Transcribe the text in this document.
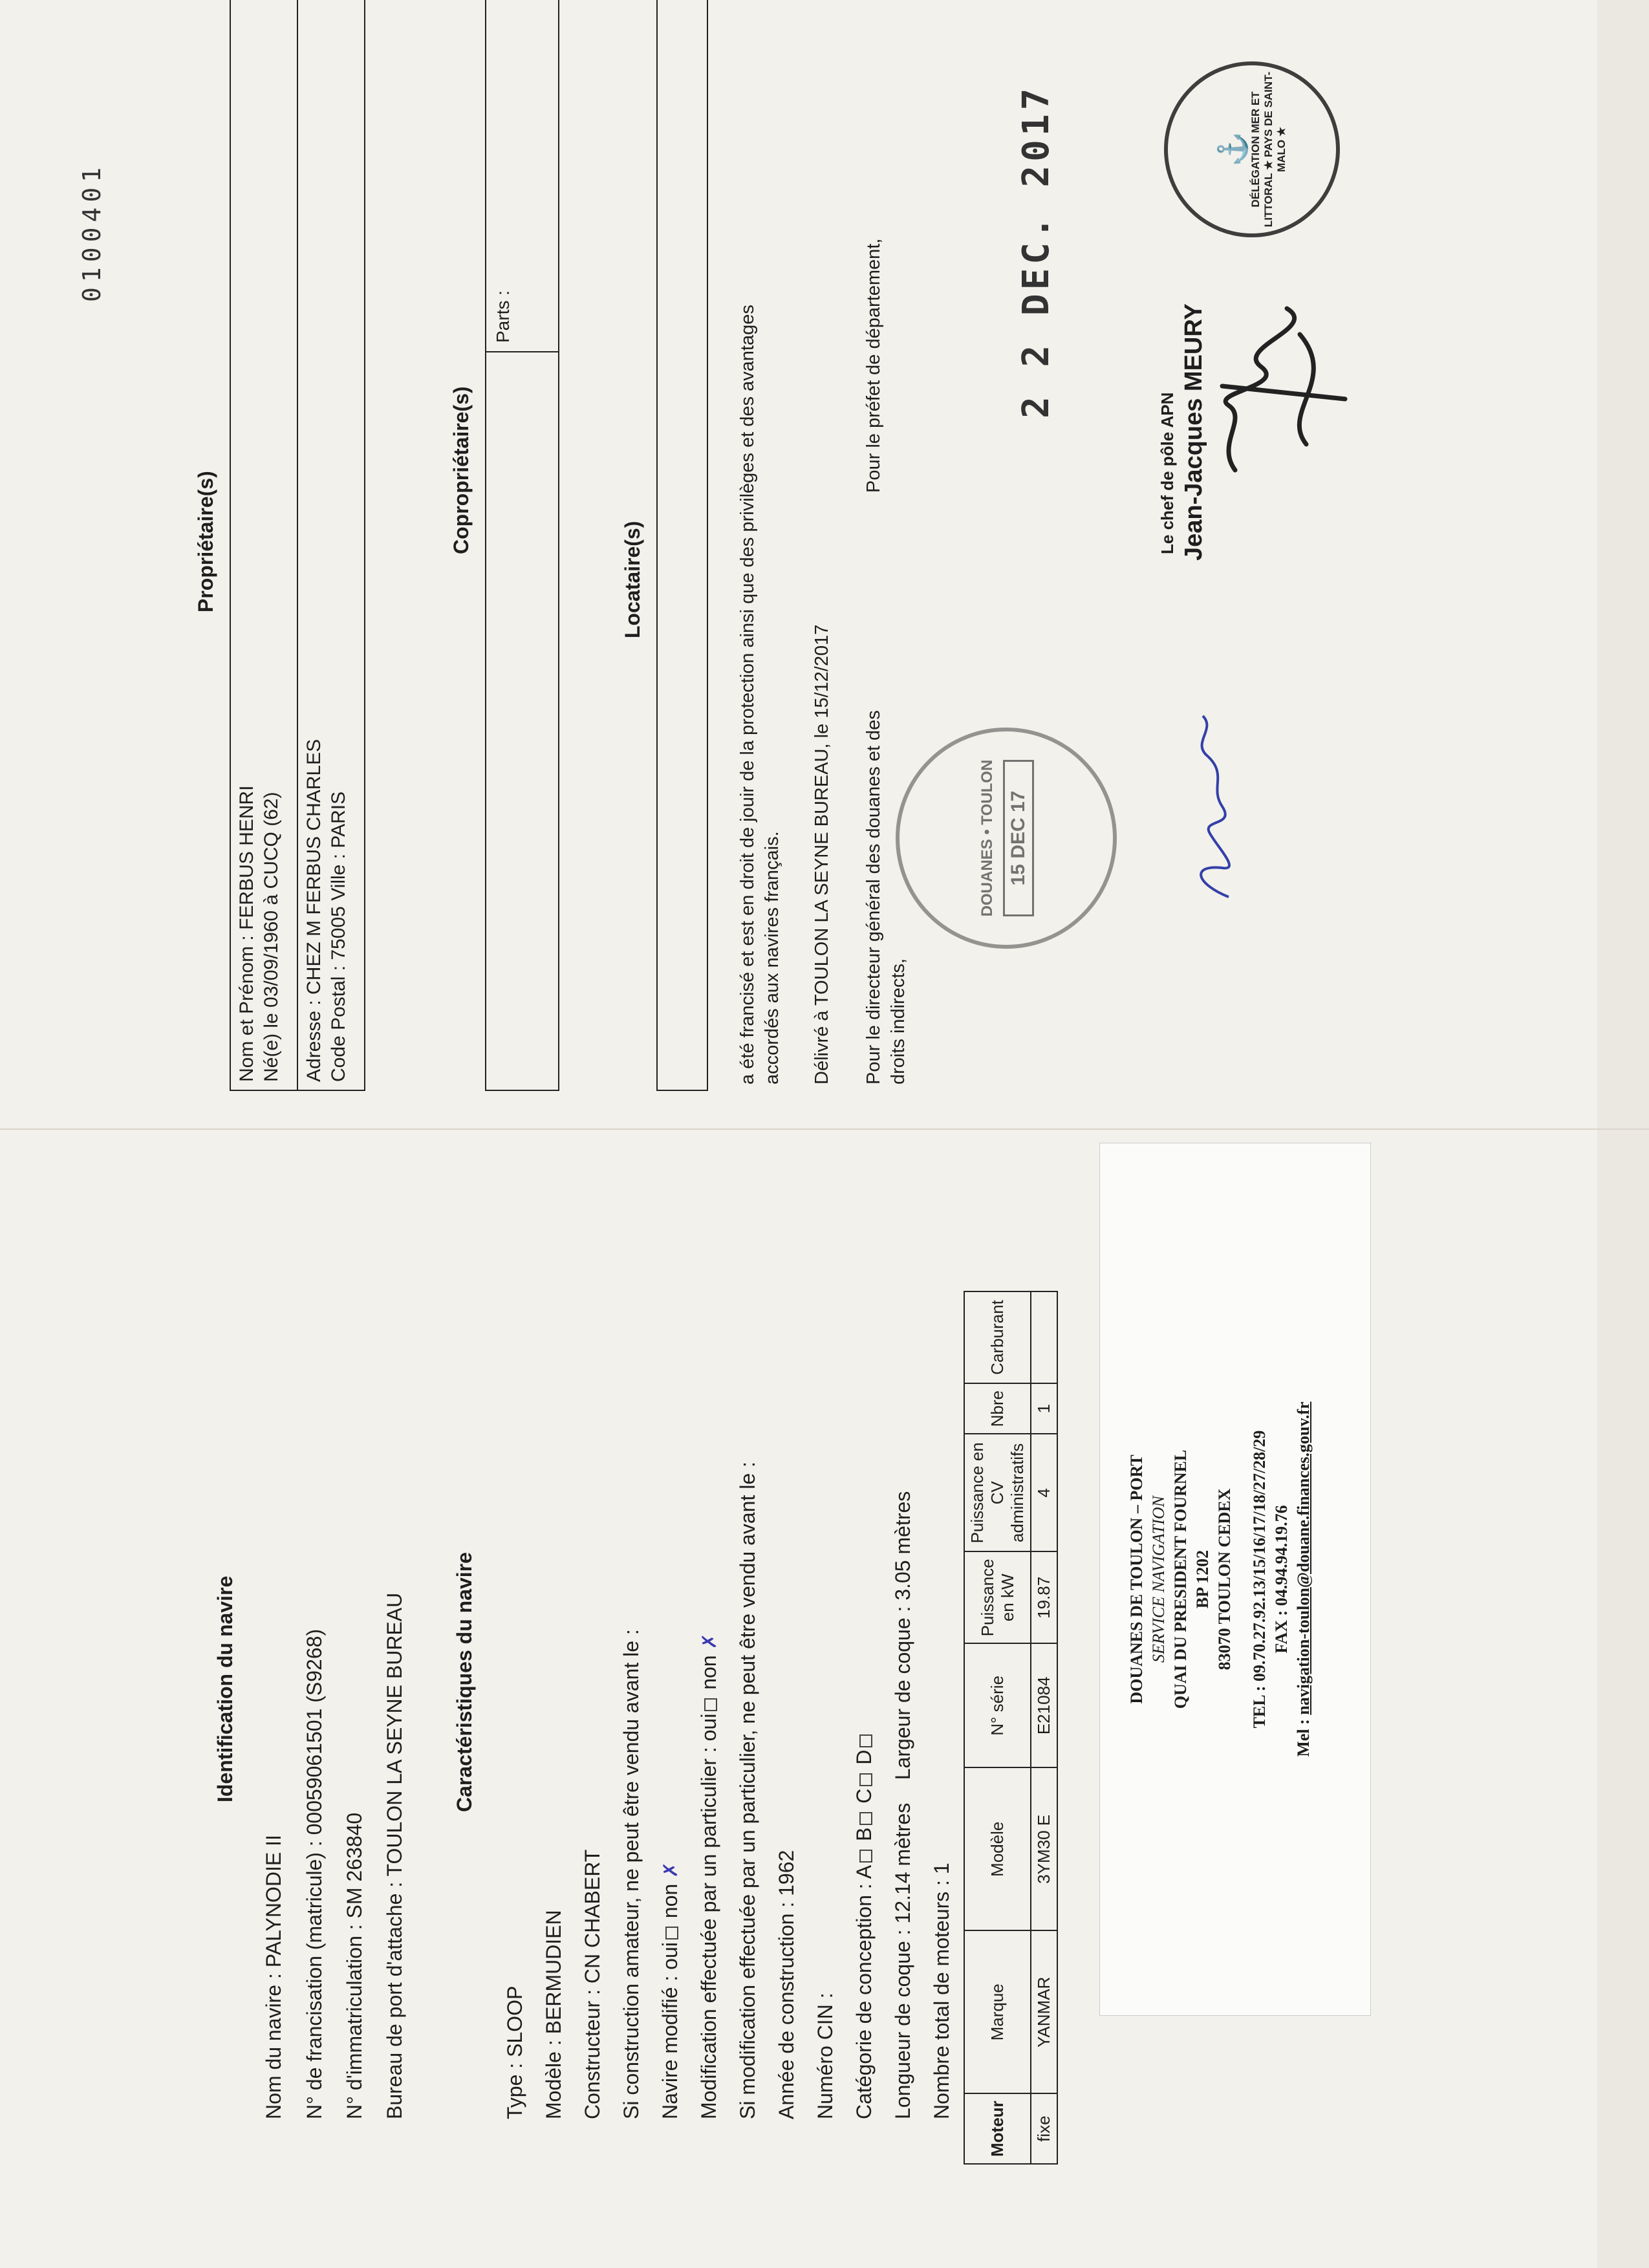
0100401
Identification du navire
Nom du navire : PALYNODIE II N° de francisation (matricule) : 00059061501 (S9268) N° d'immatriculation : SM 263840 Bureau de port d'attache : TOULON LA SEYNE BUREAU Caractéristiques du navire
Type : SLOOP Modèle : BERMUDIEN Constructeur : CN CHABERT Si construction amateur, ne peut être vendu avant le : Navire modifié : oui non ✗ Modification effectuée par un particulier : oui non ✗ Si modification effectuée par un particulier, ne peut être vendu avant le : Année de construction : 1962 Numéro CIN : Catégorie de conception : A B C D
Longueur de coque : 12.14 mètres    Largeur de coque : 3.05 mètres
Nombre total de moteurs : 1
Moteur	Marque	Modèle	N° série	Puissance en kW	Puissance en CV administratifs	Nbre	Carburant
fixe	YANMAR	3YM30 E	E21084	19.87	4	1	
DOUANES DE TOULON – PORT SERVICE NAVIGATION QUAI DU PRESIDENT FOURNEL BP 1202 83070 TOULON CEDEX TEL : 09.70.27.92.13/15/16/17/18/27/28/29 FAX : 04.94.94.19.76
Mel : navigation-toulon@douane.finances.gouv.fr
Propriétaire(s)
Nom et Prénom : FERBUS HENRI Né(e) le 03/09/1960 à CUCQ (62) Adresse : CHEZ M FERBUS CHARLES Code Postal : 75005 Ville : PARIS
Copropriétaire(s)
Parts :
Locataire(s)	a été francisé et est en droit de jouir de la protection ainsi que des privilèges et des avantages accordés aux navires français. Délivré à TOULON LA SEYNE BUREAU, le 15/12/2017 Pour le directeur général des douanes et des droits indirects,
Pour le préfet de département,
DOUANES • TOULON 15 DEC 17
2 2 DEC. 2017
Le chef de pôle APN Jean-Jacques MEURY
⚓ DÉLÉGATION MER ET LITTORAL ★ PAYS DE SAINT-MALO ★
